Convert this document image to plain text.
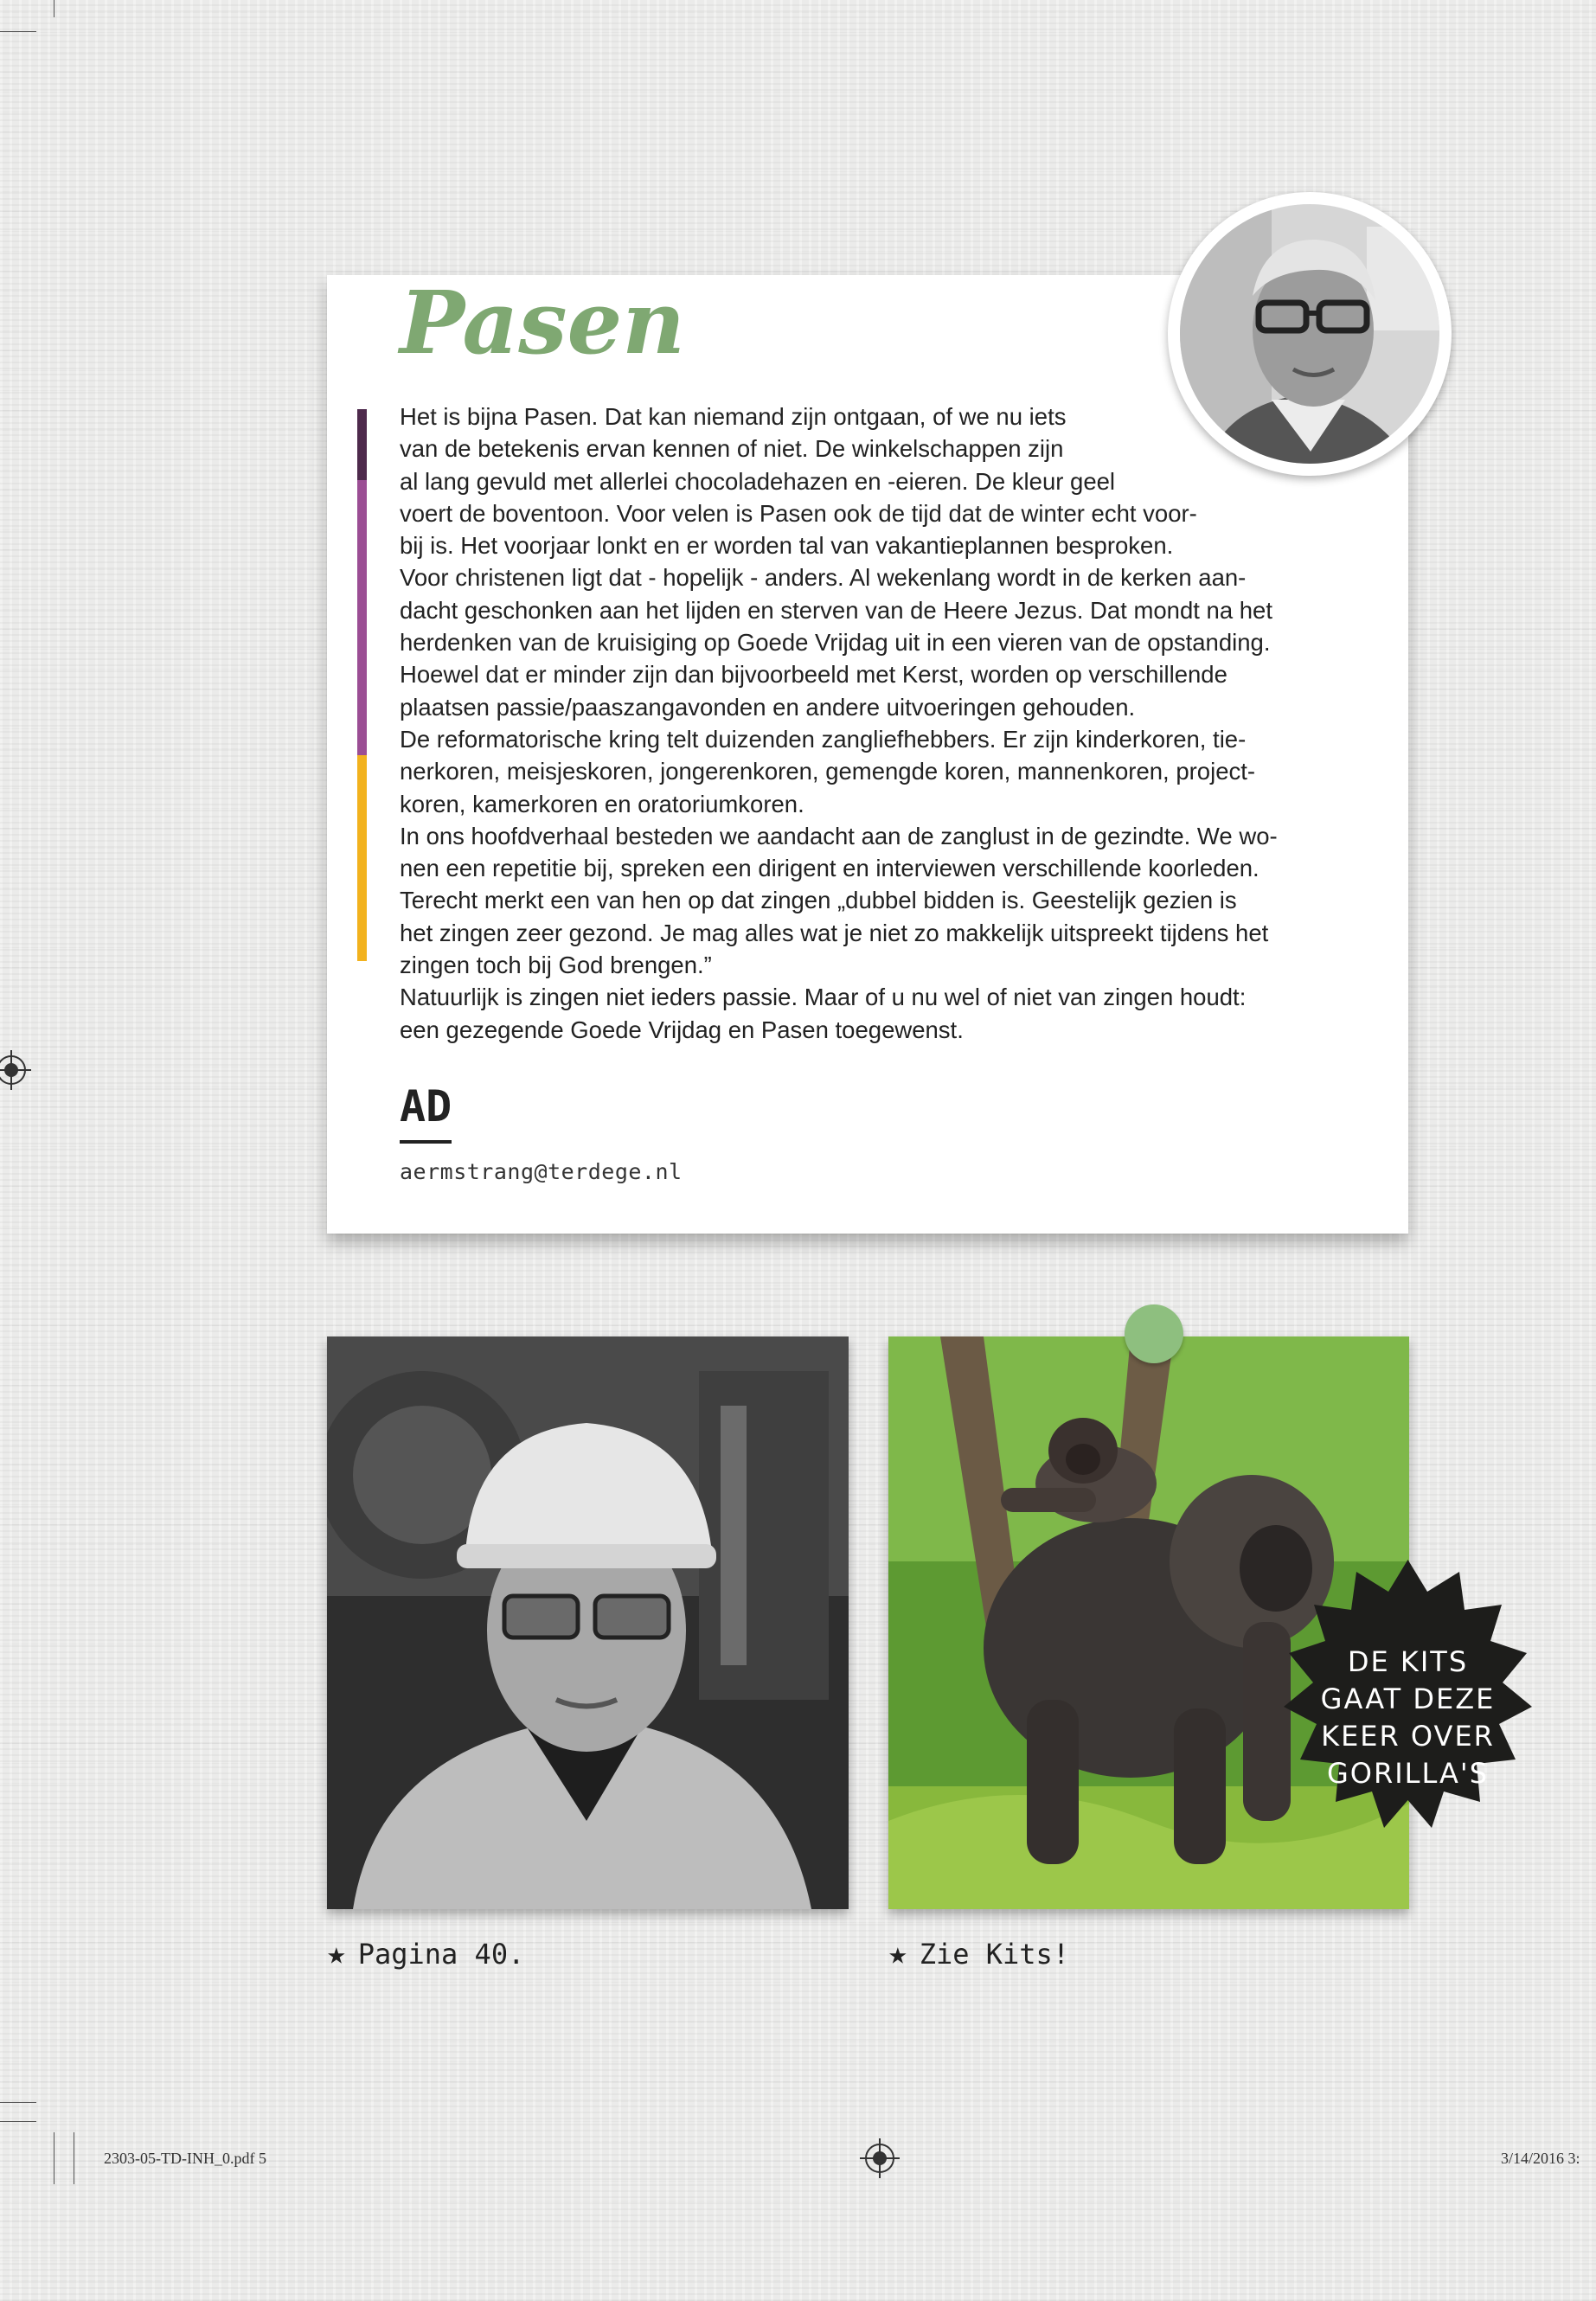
Pasen
Het is bijna Pasen. Dat kan niemand zijn ontgaan, of we nu iets
van de betekenis ervan kennen of niet. De winkelschappen zijn
al lang gevuld met allerlei chocoladehazen en -eieren. De kleur geel
voert de boventoon. Voor velen is Pasen ook de tijd dat de winter echt voor-
bij is. Het voorjaar lonkt en er worden tal van vakantieplannen besproken.
Voor christenen ligt dat - hopelijk - anders. Al wekenlang wordt in de kerken aan-
dacht geschonken aan het lijden en sterven van de Heere Jezus. Dat mondt na het
herdenken van de kruisiging op Goede Vrijdag uit in een vieren van de opstanding.
Hoewel dat er minder zijn dan bijvoorbeeld met Kerst, worden op verschillende
plaatsen passie/paaszangavonden en andere uitvoeringen gehouden.
De reformatorische kring telt duizenden zangliefhebbers. Er zijn kinderkoren, tie-
nerkoren, meisjeskoren, jongerenkoren, gemengde koren, mannenkoren, project-
koren, kamerkoren en oratoriumkoren.
In ons hoofdverhaal besteden we aandacht aan de zanglust in de gezindte. We wo-
nen een repetitie bij, spreken een dirigent en interviewen verschillende koorleden.
Terecht merkt een van hen op dat zingen „dubbel bidden is. Geestelijk gezien is
het zingen zeer gezond. Je mag alles wat je niet zo makkelijk uitspreekt tijdens het
zingen toch bij God brengen.”
Natuurlijk is zingen niet ieders passie. Maar of u nu wel of niet van zingen houdt:
een gezegende Goede Vrijdag en Pasen toegewenst.
AD
aermstrang@terdege.nl
DE KITS
GAAT DEZE
KEER OVER
GORILLA'S
★ Pagina 40.	★ Zie Kits!
2303-05-TD-INH_0.pdf 5	3/14/2016 3:
